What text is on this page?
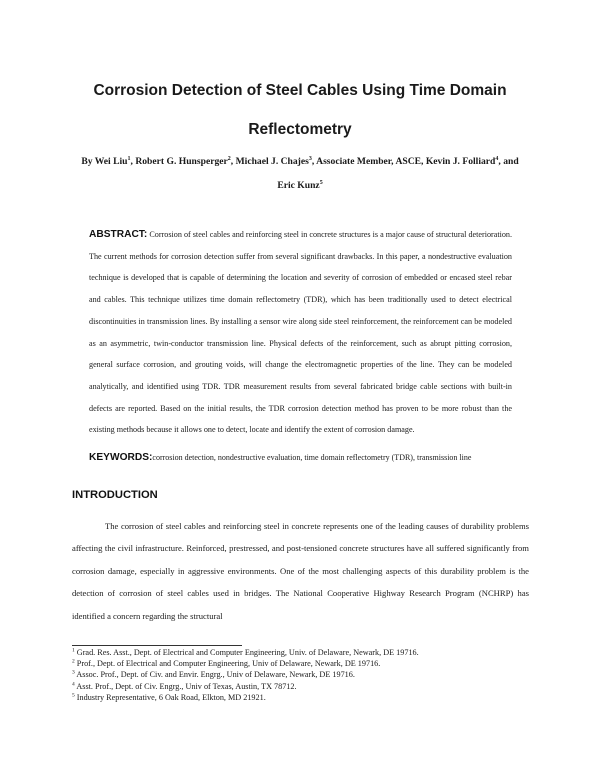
Corrosion Detection of Steel Cables Using Time Domain
Reflectometry
By Wei Liu$^1$, Robert G. Hunsperger$^2$, Michael J. Chajes$^3$, Associate Member, ASCE, Kevin J. Folliard$^4$, and
Eric Kunz$^5$
ABSTRACT: Corrosion of steel cables and reinforcing steel in concrete structures is a major cause of structural deterioration. The current methods for corrosion detection suffer from several significant drawbacks. In this paper, a nondestructive evaluation technique is developed that is capable of determining the location and severity of corrosion of embedded or encased steel rebar and cables. This technique utilizes time domain reflectometry (TDR), which has been traditionally used to detect electrical discontinuities in transmission lines. By installing a sensor wire along side steel reinforcement, the reinforcement can be modeled as an asymmetric, twin-conductor transmission line. Physical defects of the reinforcement, such as abrupt pitting corrosion, general surface corrosion, and grouting voids, will change the electromagnetic properties of the line. They can be modeled analytically, and identified using TDR. TDR measurement results from several fabricated bridge cable sections with built-in defects are reported. Based on the initial results, the TDR corrosion detection method has proven to be more robust than the existing methods because it allows one to detect, locate and identify the extent of corrosion damage.
KEYWORDS:corrosion detection, nondestructive evaluation, time domain reflectometry (TDR), transmission line
INTRODUCTION
The corrosion of steel cables and reinforcing steel in concrete represents one of the leading causes of durability problems affecting the civil infrastructure. Reinforced, prestressed, and post-tensioned concrete structures have all suffered significantly from corrosion damage, especially in aggressive environments. One of the most challenging aspects of this durability problem is the detection of corrosion of steel cables used in bridges. The National Cooperative Highway Research Program (NCHRP) has identified a concern regarding the structural
$^1$ Grad. Res. Asst., Dept. of Electrical and Computer Engineering, Univ. of Delaware, Newark, DE 19716.
$^2$ Prof., Dept. of Electrical and Computer Engineering, Univ of Delaware, Newark, DE 19716.
$^3$ Assoc. Prof., Dept. of Civ. and Envir. Engrg., Univ of Delaware, Newark, DE 19716.
$^4$ Asst. Prof., Dept. of Civ. Engrg., Univ of Texas, Austin, TX 78712.
$^5$ Industry Representative, 6 Oak Road, Elkton, MD 21921.
